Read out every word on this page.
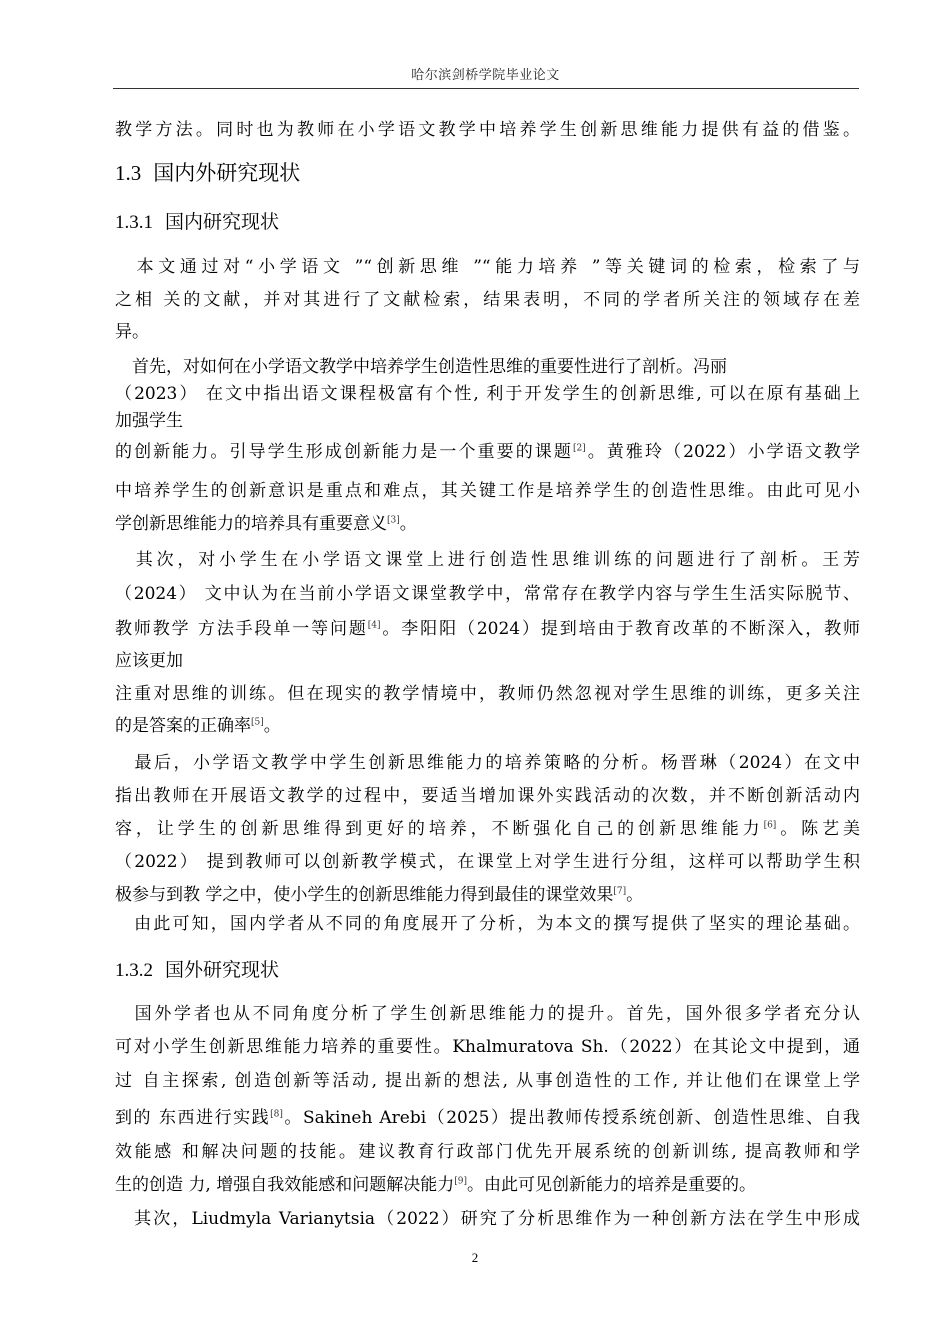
哈尔滨剑桥学院毕业论文
教学方法。同时也为教师在小学语文教学中培养学生创新思维能力提供有益的借鉴。
1.3 国内外研究现状
1.3.1 国内研究现状
　本文通过对“小学语文 ”“创新思维 ”“能力培养 ”等关键词的检索，检索了与
之相 关的文献，并对其进行了文献检索，结果表明，不同的学者所关注的领域存在差
异。
　首先，对如何在小学语文教学中培养学生创造性思维的重要性进行了剖析。冯丽
（2023） 在文中指出语文课程极富有个性, 利于开发学生的创新思维, 可以在原有基础上
加强学生
的创新能力。引导学生形成创新能力是一个重要的课题[2]。黄雅玲（2022）小学语文教学
中培养学生的创新意识是重点和难点，其关键工作是培养学生的创造性思维。由此可见小
学创新思维能力的培养具有重要意义[3]。
　其次，对小学生在小学语文课堂上进行创造性思维训练的问题进行了剖析。王芳
（2024） 文中认为在当前小学语文课堂教学中，常常存在教学内容与学生生活实际脱节、
教师教学 方法手段单一等问题[4]。李阳阳（2024）提到培由于教育改革的不断深入，教师
应该更加
注重对思维的训练。但在现实的教学情境中，教师仍然忽视对学生思维的训练，更多关注
的是答案的正确率[5]。
　最后，小学语文教学中学生创新思维能力的培养策略的分析。杨晋琳（2024）在文中
指出教师在开展语文教学的过程中，要适当增加课外实践活动的次数，并不断创新活动内
容，让学生的创新思维得到更好的培养，不断强化自己的创新思维能力[6]。陈艺美
（2022） 提到教师可以创新教学模式，在课堂上对学生进行分组，这样可以帮助学生积
极参与到教 学之中，使小学生的创新思维能力得到最佳的课堂效果[7]。
　由此可知，国内学者从不同的角度展开了分析，为本文的撰写提供了坚实的理论基础。
1.3.2 国外研究现状
　国外学者也从不同角度分析了学生创新思维能力的提升。首先，国外很多学者充分认
可对小学生创新思维能力培养的重要性。Khalmuratova Sh.（2022）在其论文中提到，通
过 自主探索, 创造创新等活动, 提出新的想法, 从事创造性的工作, 并让他们在课堂上学
到的 东西进行实践[8]。Sakineh Arebi（2025）提出教师传授系统创新、创造性思维、自我
效能感 和解决问题的技能。建议教育行政部门优先开展系统的创新训练, 提高教师和学
生的创造 力, 增强自我效能感和问题解决能力[9]。由此可见创新能力的培养是重要的。
　其次，Liudmyla Varianytsia（2022）研究了分析思维作为一种创新方法在学生中形成
2
